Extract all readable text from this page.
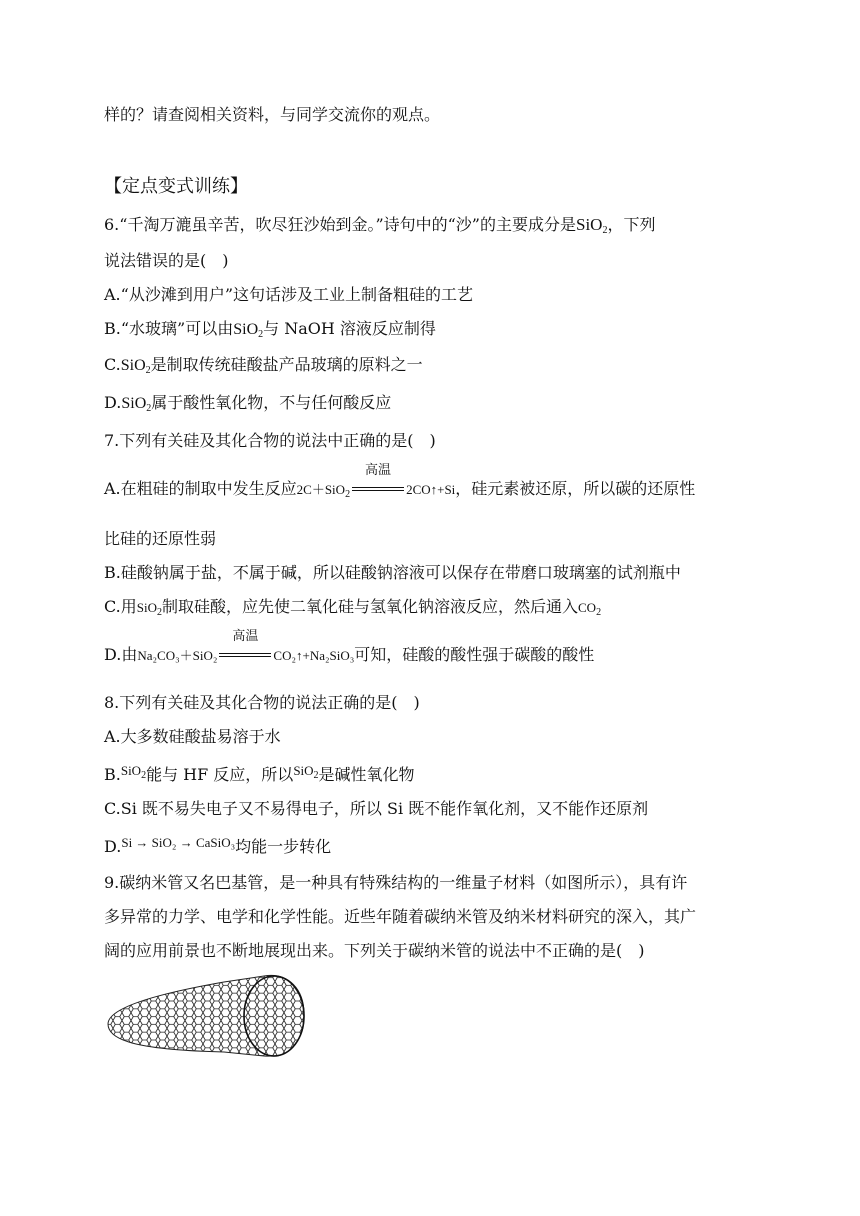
样的？请查阅相关资料，与同学交流你的观点。
【定点变式训练】
6.“千淘万漉虽辛苦，吹尽狂沙始到金。”诗句中的“沙”的主要成分是SiO$_2$，下列
说法错误的是(　)
A.“从沙滩到用户”这句话涉及工业上制备粗硅的工艺
B.“水玻璃”可以由SiO$_2$与 NaOH 溶液反应制得
C.SiO$_2$是制取传统硅酸盐产品玻璃的原料之一
D.SiO$_2$属于酸性氧化物，不与任何酸反应
7.下列有关硅及其化合物的说法中正确的是(　)
A.在粗硅的制取中发生反应2C＋SiO$_2$
高温
2CO↑+Si，硅元素被还原，所以碳的还原性
比硅的还原性弱
B.硅酸钠属于盐，不属于碱，所以硅酸钠溶液可以保存在带磨口玻璃塞的试剂瓶中
C.用SiO$_2$制取硅酸，应先使二氧化硅与氢氧化钠溶液反应，然后通入$CO_2$
D.由Na₂CO₃＋SiO₂
高温
CO₂↑+Na₂SiO₃可知，硅酸的酸性强于碳酸的酸性
8.下列有关硅及其化合物的说法正确的是(　)
A.大多数硅酸盐易溶于水
B.$^{SiO_2}$能与 HF 反应，所以$^{SiO_2}$是碱性氧化物
C.Si 既不易失电子又不易得电子，所以 Si 既不能作氧化剂，又不能作还原剂
D.$^{Si \to SiO_2 \to CaSiO_3}$均能一步转化
9.碳纳米管又名巴基管，是一种具有特殊结构的一维量子材料（如图所示），具有许
多异常的力学、电学和化学性能。近些年随着碳纳米管及纳米材料研究的深入，其广
阔的应用前景也不断地展现出来。下列关于碳纳米管的说法中不正确的是(　)
